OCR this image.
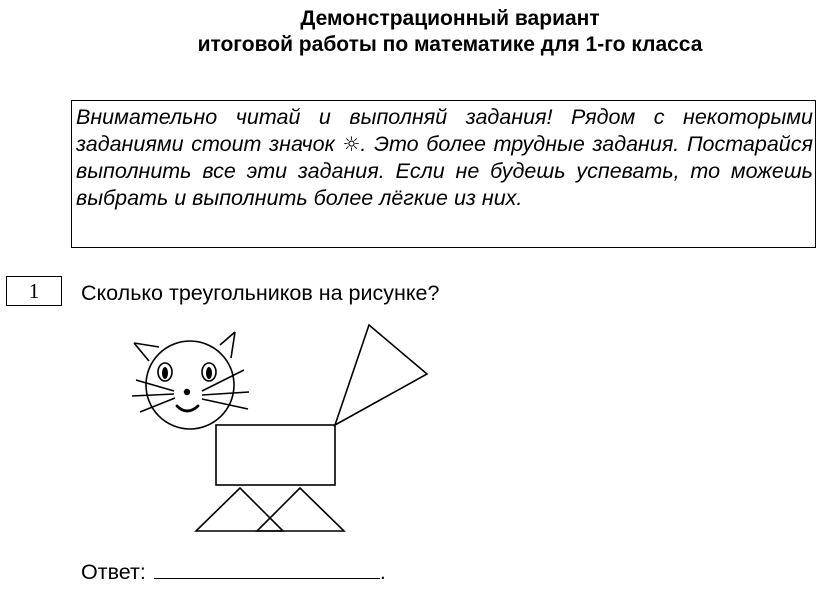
Демонстрационный вариант
итоговой работы по математике для 1-го класса

Внимательно читай и выполняй задания! Рядом с некоторыми заданиями стоит значок ☼. Это более трудные задания. Постарайся выполнить все эти задания. Если не будешь успевать, то можешь выбрать и выполнить более лёгкие из них.

1	Сколько треугольников на рисунке?
Ответ:	.
